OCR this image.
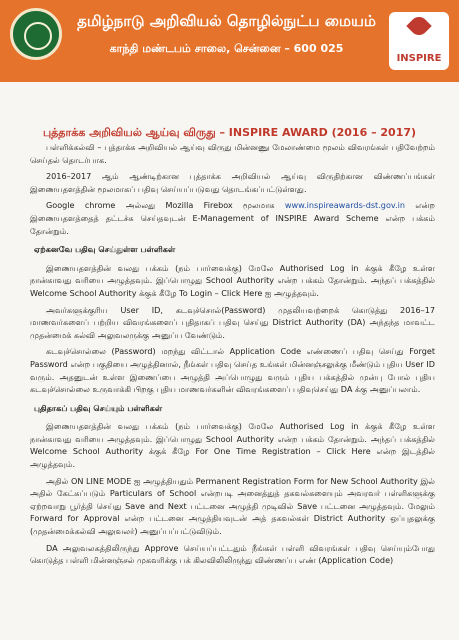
தமிழ்நாடு அறிவியல் தொழில்நுட்ப மையம்
காந்தி மண்டபம் சாலை, சென்னை – 600 025
INSPIRE
புத்தாக்க அறிவியல் ஆய்வு விருது – INSPIRE AWARD (2016 – 2017)

பள்ளிக்கல்வி – புத்தாக்க அறிவியல் ஆய்வு விருது மின்னணு மேலாண்மை மூலம் விவரங்கள் பதிவேற்றம் செய்தல் தொடர்பாக.

2016–2017 ஆம் ஆண்டிற்கான புத்தாக்க அறிவியல் ஆய்வு விருதிற்கான விண்ணப்பங்கள் இணையதளத்தின் மூலமாகப் பதிவு செய்யப்படுவது தொடங்கப்பட்டுள்ளது.

Google chrome அல்லது Mozilla Firebox மூலமாக www.inspireawards-dst.gov.in என்ற இணையதளத்தைத் தட்டச்சு செய்தவுடன் E-Management of INSPIRE Award Scheme என்ற பக்கம் தோன்றும்.

ஏற்கனவே பதிவு செய்துள்ள பள்ளிகள்

இணையதளத்தின் வலது பக்கம் (நம் பார்வைக்கு) மேலே Authorised Log in க்குக் கீழே உள்ள நான்காவது வரியை அழுத்தவும். இப்பொழுது School Authority என்ற பக்கம் தோன்றும். அந்தப் பக்கத்தில் Welcome School Authority க்குக் கீழே To Login – Click Here ஐ அழுத்தவும்.

அவர்களுக்குரிய User ID, கடவுச்சொல்(Password) முதலியவற்றைக் கொடுத்து 2016–17 மாணவர்களைப் பற்றிய விவரங்களைப் புதிதாகப் பதிவு செய்து District Authority (DA) அந்தந்த மாவட்ட முதன்மைக் கல்வி அலுவலருக்கு அனுப்ப வேண்டும்.

கடவுச்சொல்லை (Password) மறந்து விட்டால் Application Code எண்ணைப் பதிவு செய்து Forget Password என்ற பகுதியை அழுத்தினால், நீங்கள் பதிவு செய்த உங்கள் மின்னஞ்சலுக்கு மீண்டும் புதிய User ID வரும். அதனுடன் உள்ள இணைப்பை அழுத்தி அப்பொழுது வரும் புதிய பக்கத்தில் முன்பு போல் புதிய கடவுச்சொல்லை உருவாக்கி பிறகு புதிய மாணவர்களின் விவரங்களைப் பதிவுசெய்து DA க்கு அனுப்பலாம்.

புதிதாகப் பதிவு செய்யும் பள்ளிகள்

இணையதளத்தின் வலது பக்கம் (நம் பார்வைக்கு) மேலே Authorised Log in க்குக் கீழே உள்ள நான்காவது வரியை அழுத்தவும். இப்பொழுது School Authority என்ற பக்கம் தோன்றும். அந்தப் பக்கத்தில் Welcome School Authority க்குக் கீழே For One Time Registration – Click Here என்ற இடத்தில் அழுத்தவும்.

அதில் ON LINE MODE ஐ அழுத்தியதும் Permanent Registration Form for New School Authority இல் அதில் கேட்கப்படும் Particulars of School என்றபடி அனைத்துத் தகவல்களையும் அவரவர் பள்ளிகளுக்கு ஏற்றவாறு பூர்த்தி செய்து Save and Next பட்டனை அழுத்தி முடிவில் Save பட்டனை அழுத்தவும். மேலும் Forward for Approval என்ற பட்டனை அழுத்தியவுடன் அத் தகவல்கள் District Authority ஒப்புதலுக்கு (முதன்மைக்கல்வி அலுவலர்) அனுப்பப்பட்டுவிடும்.

DA அலுவலகத்திலிருந்து Approve செய்யப்பட்டதும் நீங்கள் பள்ளி விவரங்கள் பதிவு செய்யும்போது கொடுத்த பள்ளி மின்னஞ்சல் முகவரிக்கு பக் கிலவிலிலிருந்து விண்ணப்ப எண் (Application Code)
